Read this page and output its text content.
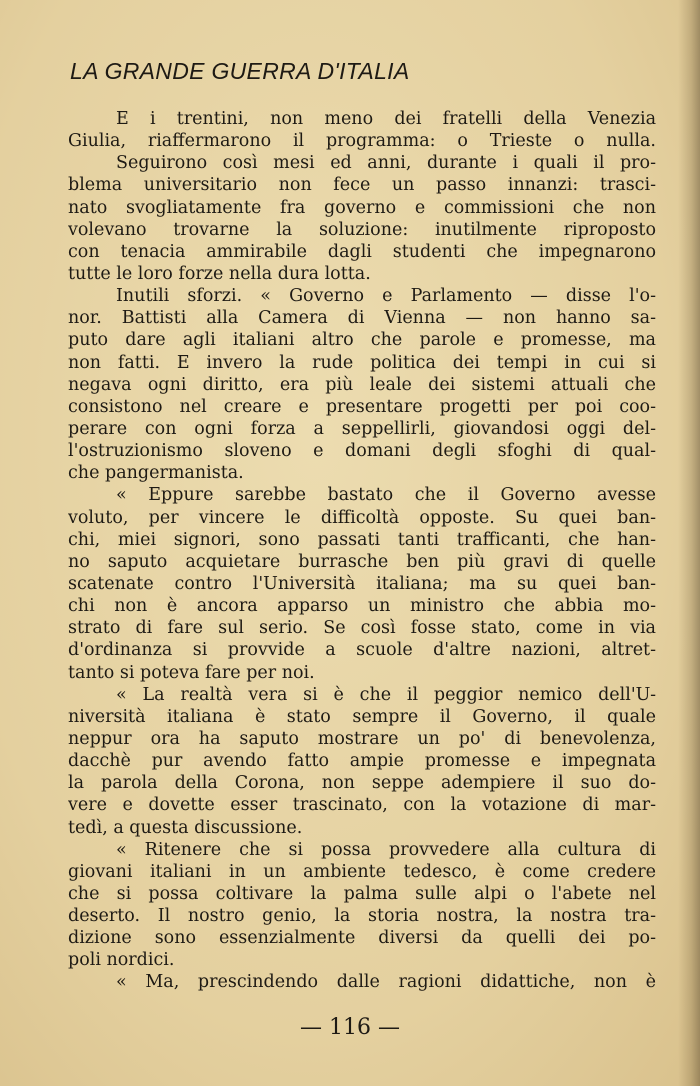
LA GRANDE GUERRA D'ITALIA
E i trentini, non meno dei fratelli della Venezia
Giulia, riaffermarono il programma: o Trieste o nulla.
Seguirono così mesi ed anni, durante i quali il pro-
blema universitario non fece un passo innanzi: trasci-
nato svogliatamente fra governo e commissioni che non
volevano trovarne la soluzione: inutilmente riproposto
con tenacia ammirabile dagli studenti che impegnarono
tutte le loro forze nella dura lotta.
Inutili sforzi. « Governo e Parlamento — disse l'o-
nor. Battisti alla Camera di Vienna — non hanno sa-
puto dare agli italiani altro che parole e promesse, ma
non fatti. E invero la rude politica dei tempi in cui si
negava ogni diritto, era più leale dei sistemi attuali che
consistono nel creare e presentare progetti per poi coo-
perare con ogni forza a seppellirli, giovandosi oggi del-
l'ostruzionismo sloveno e domani degli sfoghi di qual-
che pangermanista.
« Eppure sarebbe bastato che il Governo avesse
voluto, per vincere le difficoltà opposte. Su quei ban-
chi, miei signori, sono passati tanti trafficanti, che han-
no saputo acquietare burrasche ben più gravi di quelle
scatenate contro l'Università italiana; ma su quei ban-
chi non è ancora apparso un ministro che abbia mo-
strato di fare sul serio. Se così fosse stato, come in via
d'ordinanza si provvide a scuole d'altre nazioni, altret-
tanto si poteva fare per noi.
« La realtà vera si è che il peggior nemico dell'U-
niversità italiana è stato sempre il Governo, il quale
neppur ora ha saputo mostrare un po' di benevolenza,
dacchè pur avendo fatto ampie promesse e impegnata
la parola della Corona, non seppe adempiere il suo do-
vere e dovette esser trascinato, con la votazione di mar-
tedì, a questa discussione.
« Ritenere che si possa provvedere alla cultura di
giovani italiani in un ambiente tedesco, è come credere
che si possa coltivare la palma sulle alpi o l'abete nel
deserto. Il nostro genio, la storia nostra, la nostra tra-
dizione sono essenzialmente diversi da quelli dei po-
poli nordici.
« Ma, prescindendo dalle ragioni didattiche, non è
— 116 —
